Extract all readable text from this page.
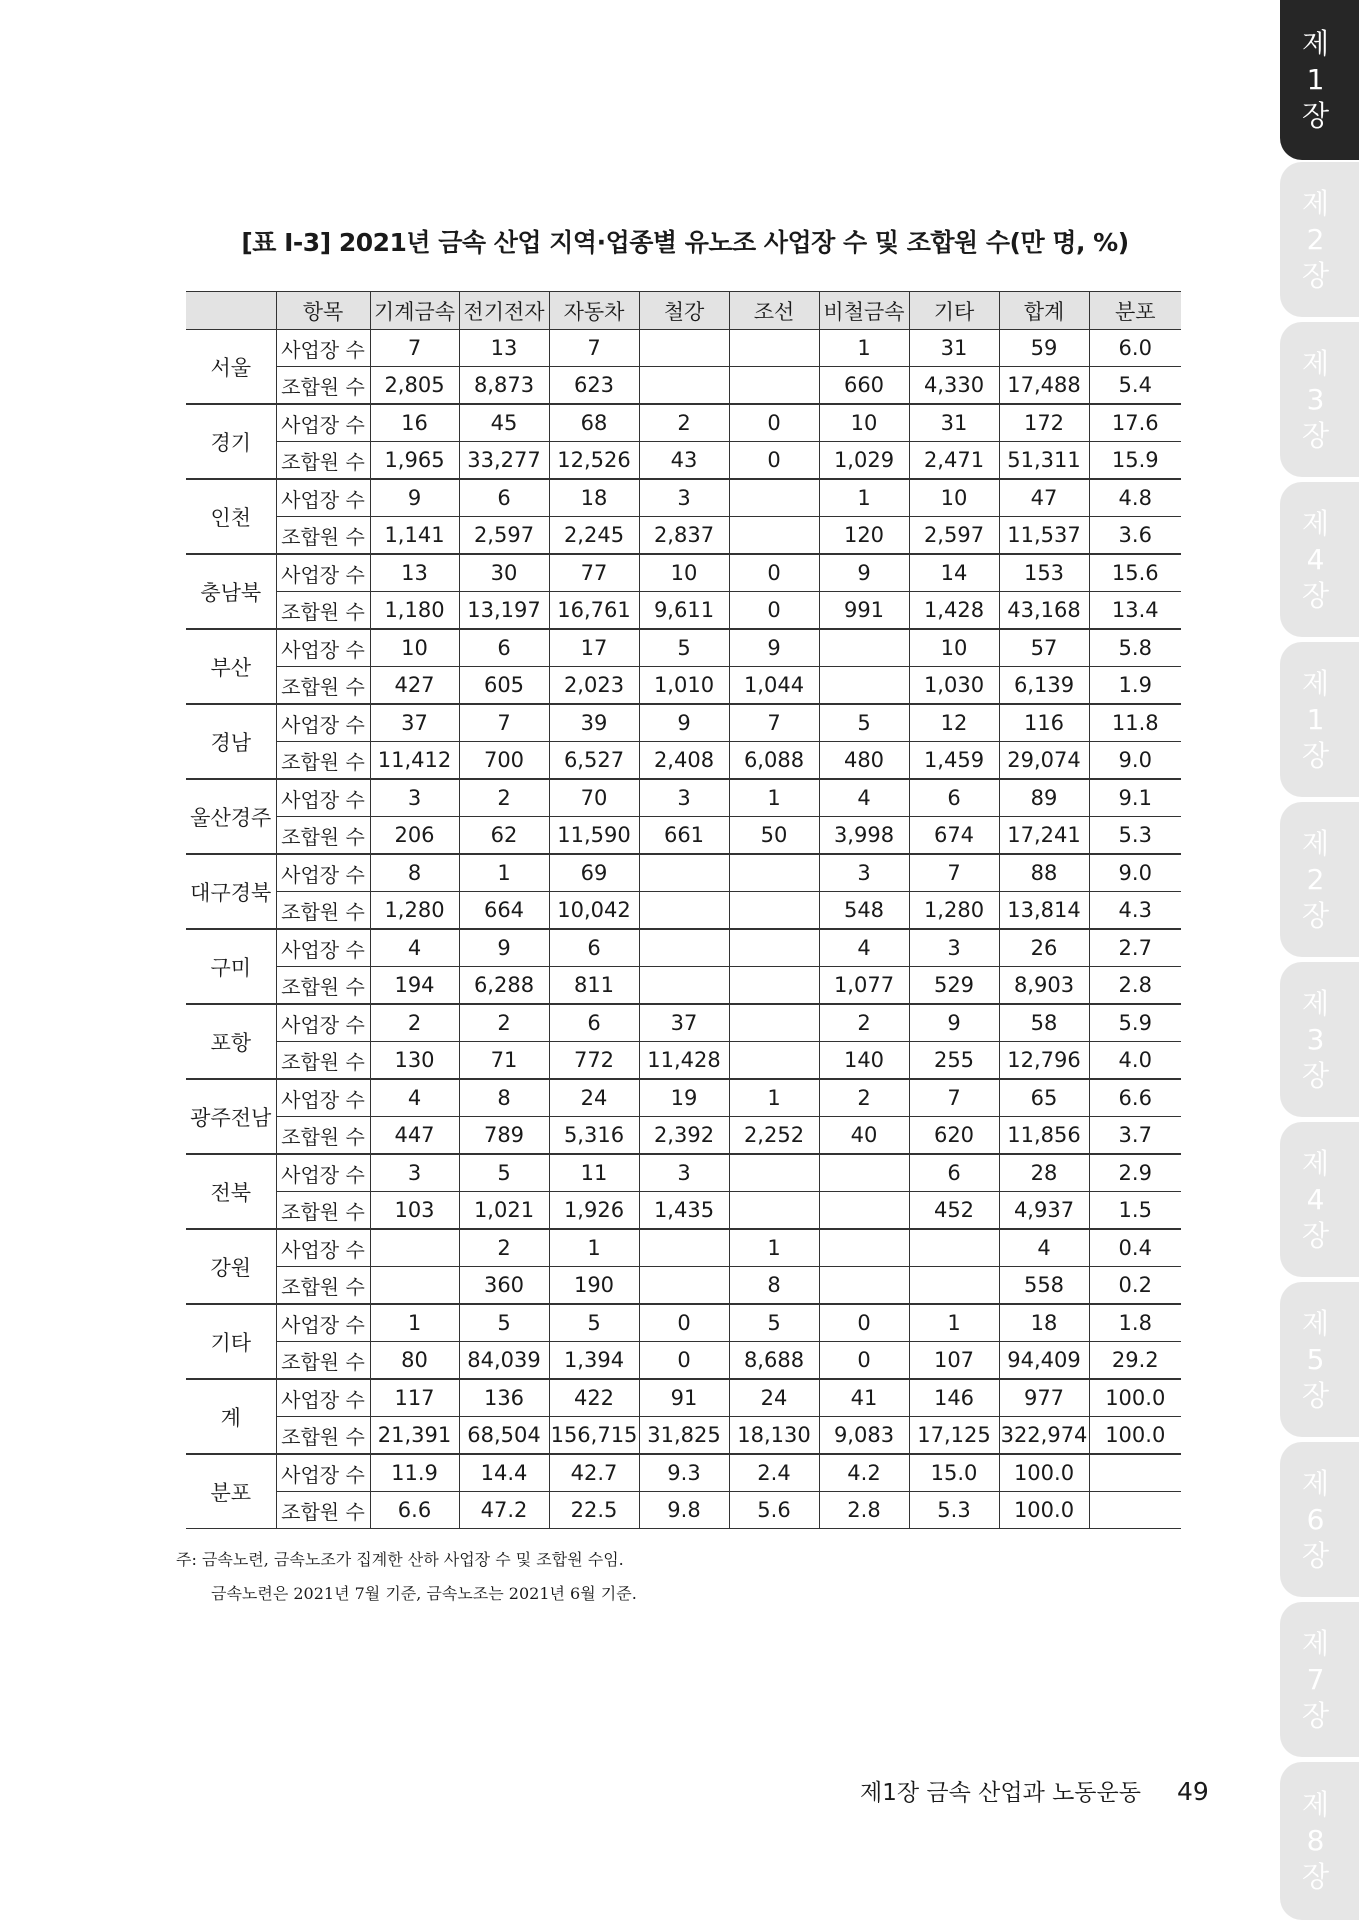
제
1
장
제
2
장
제
3
장
제
4
장
제
1
장
제
2
장
제
3
장
제
4
장
제
5
장
제
6
장
제
7
장
제
8
장
[표 Ⅰ-3] 2021년 금속 산업 지역·업종별 유노조 사업장 수 및 조합원 수(만 명, %)
	항목	기계금속	전기전자	자동차	철강	조선	비철금속	기타	합계	분포
서울	사업장 수	7	13	7			1	31	59	6.0
	조합원 수	2,805	8,873	623			660	4,330	17,488	5.4
경기	사업장 수	16	45	68	2	0	10	31	172	17.6
	조합원 수	1,965	33,277	12,526	43	0	1,029	2,471	51,311	15.9
인천	사업장 수	9	6	18	3		1	10	47	4.8
	조합원 수	1,141	2,597	2,245	2,837		120	2,597	11,537	3.6
충남북	사업장 수	13	30	77	10	0	9	14	153	15.6
	조합원 수	1,180	13,197	16,761	9,611	0	991	1,428	43,168	13.4
부산	사업장 수	10	6	17	5	9		10	57	5.8
	조합원 수	427	605	2,023	1,010	1,044		1,030	6,139	1.9
경남	사업장 수	37	7	39	9	7	5	12	116	11.8
	조합원 수	11,412	700	6,527	2,408	6,088	480	1,459	29,074	9.0
울산경주	사업장 수	3	2	70	3	1	4	6	89	9.1
	조합원 수	206	62	11,590	661	50	3,998	674	17,241	5.3
대구경북	사업장 수	8	1	69			3	7	88	9.0
	조합원 수	1,280	664	10,042			548	1,280	13,814	4.3
구미	사업장 수	4	9	6			4	3	26	2.7
	조합원 수	194	6,288	811			1,077	529	8,903	2.8
포항	사업장 수	2	2	6	37		2	9	58	5.9
	조합원 수	130	71	772	11,428		140	255	12,796	4.0
광주전남	사업장 수	4	8	24	19	1	2	7	65	6.6
	조합원 수	447	789	5,316	2,392	2,252	40	620	11,856	3.7
전북	사업장 수	3	5	11	3			6	28	2.9
	조합원 수	103	1,021	1,926	1,435			452	4,937	1.5
강원	사업장 수		2	1		1			4	0.4
	조합원 수		360	190		8			558	0.2
기타	사업장 수	1	5	5	0	5	0	1	18	1.8
	조합원 수	80	84,039	1,394	0	8,688	0	107	94,409	29.2
계	사업장 수	117	136	422	91	24	41	146	977	100.0
	조합원 수	21,391	68,504	156,715	31,825	18,130	9,083	17,125	322,974	100.0
분포	사업장 수	11.9	14.4	42.7	9.3	2.4	4.2	15.0	100.0	
	조합원 수	6.6	47.2	22.5	9.8	5.6	2.8	5.3	100.0	
주: 금속노련, 금속노조가 집계한 산하 사업장 수 및 조합원 수임.
금속노련은 2021년 7월 기준, 금속노조는 2021년 6월 기준.
제1장 금속 산업과 노동운동 49
